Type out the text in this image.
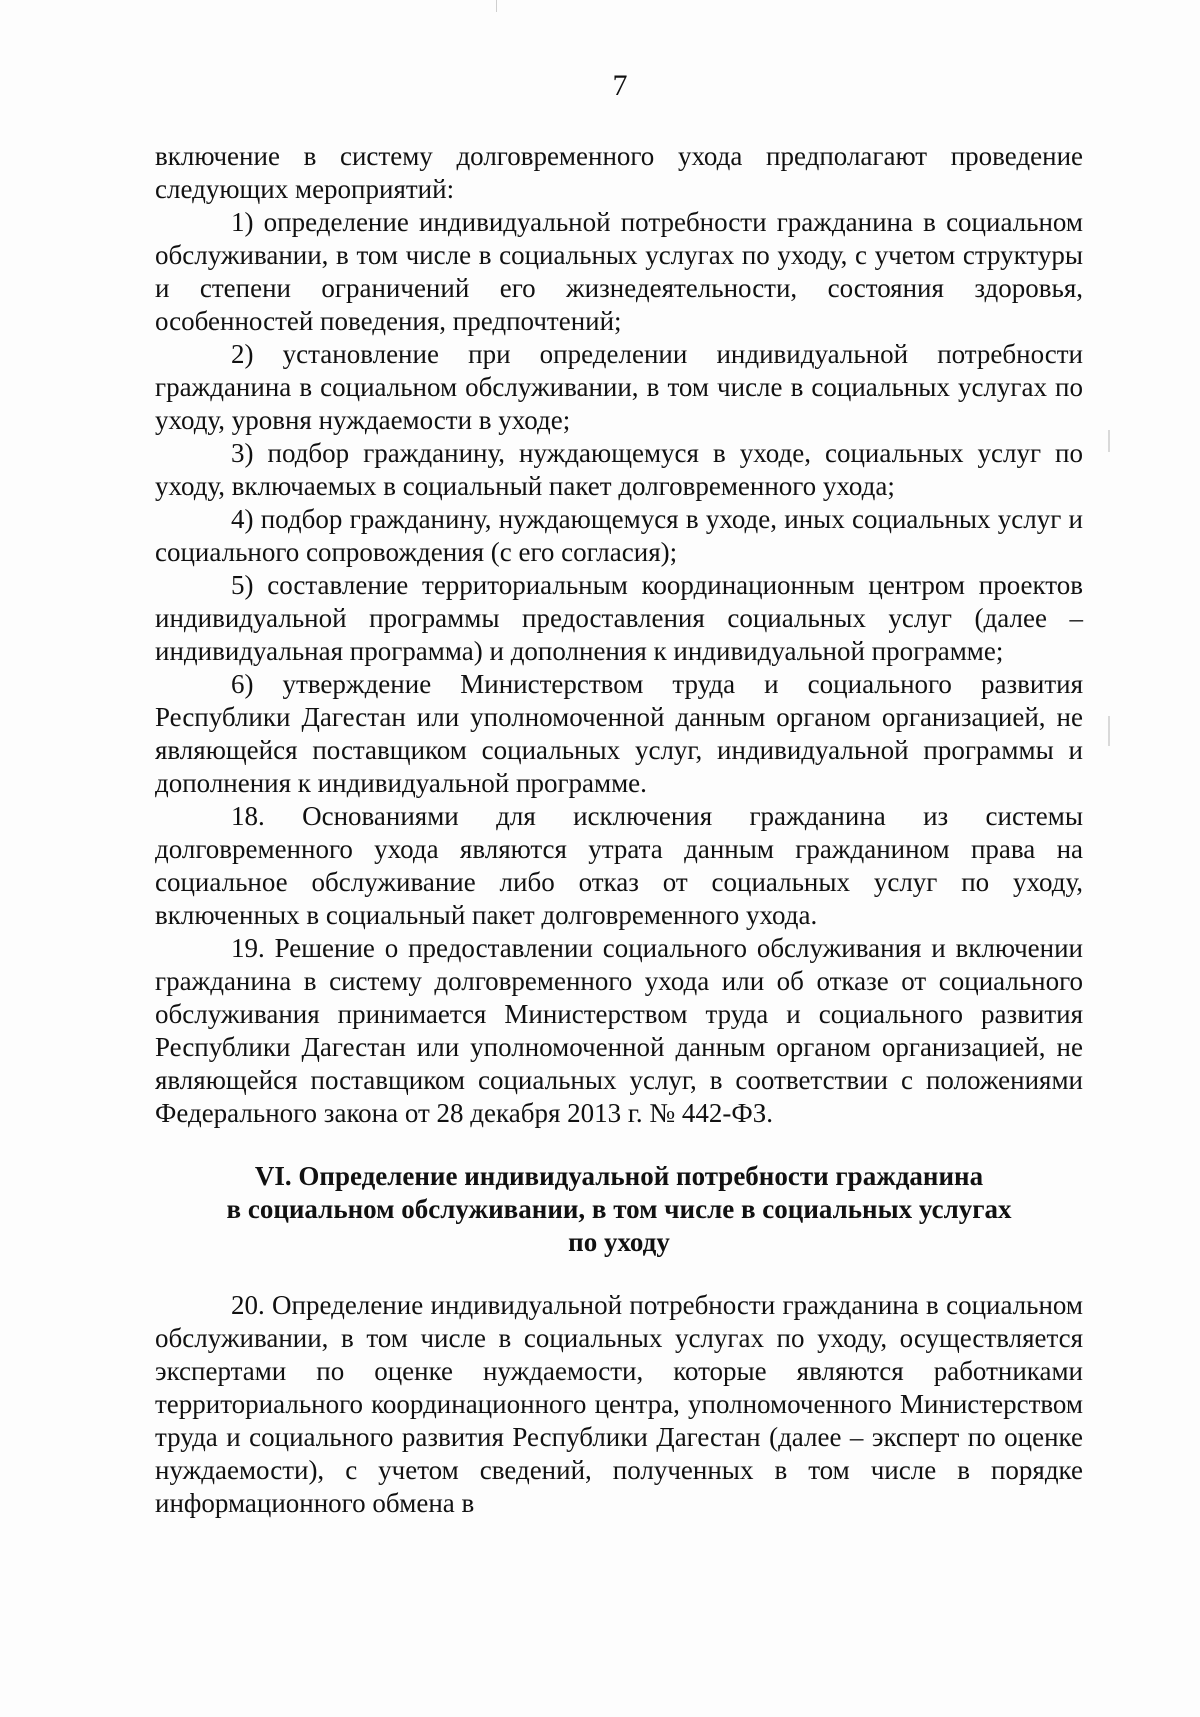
7

включение в систему долговременного ухода предполагают проведение следующих мероприятий:

1) определение индивидуальной потребности гражданина в социальном обслуживании, в том числе в социальных услугах по уходу, с учетом структуры и степени ограничений его жизнедеятельности, состояния здоровья, особенностей поведения, предпочтений;

2) установление при определении индивидуальной потребности гражданина в социальном обслуживании, в том числе в социальных услугах по уходу, уровня нуждаемости в уходе;

3) подбор гражданину, нуждающемуся в уходе, социальных услуг по уходу, включаемых в социальный пакет долговременного ухода;

4) подбор гражданину, нуждающемуся в уходе, иных социальных услуг и социального сопровождения (с его согласия);

5) составление территориальным координационным центром проектов индивидуальной программы предоставления социальных услуг (далее – индивидуальная программа) и дополнения к индивидуальной программе;

6) утверждение Министерством труда и социального развития Республики Дагестан или уполномоченной данным органом организацией, не являющейся поставщиком социальных услуг, индивидуальной программы и дополнения к индивидуальной программе.

18. Основаниями для исключения гражданина из системы долговременного ухода являются утрата данным гражданином права на социальное обслуживание либо отказ от социальных услуг по уходу, включенных в социальный пакет долговременного ухода.

19. Решение о предоставлении социального обслуживания и включении гражданина в систему долговременного ухода или об отказе от социального обслуживания принимается Министерством труда и социального развития Республики Дагестан или уполномоченной данным органом организацией, не являющейся поставщиком социальных услуг, в соответствии с положениями Федерального закона от 28 декабря 2013 г. № 442-ФЗ.

VI. Определение индивидуальной потребности гражданина
в социальном обслуживании, в том числе в социальных услугах
по уходу

20. Определение индивидуальной потребности гражданина в социальном обслуживании, в том числе в социальных услугах по уходу, осуществляется экспертами по оценке нуждаемости, которые являются работниками территориального координационного центра, уполномоченного Министерством труда и социального развития Республики Дагестан (далее – эксперт по оценке нуждаемости), с учетом сведений, полученных в том числе в порядке информационного обмена в
